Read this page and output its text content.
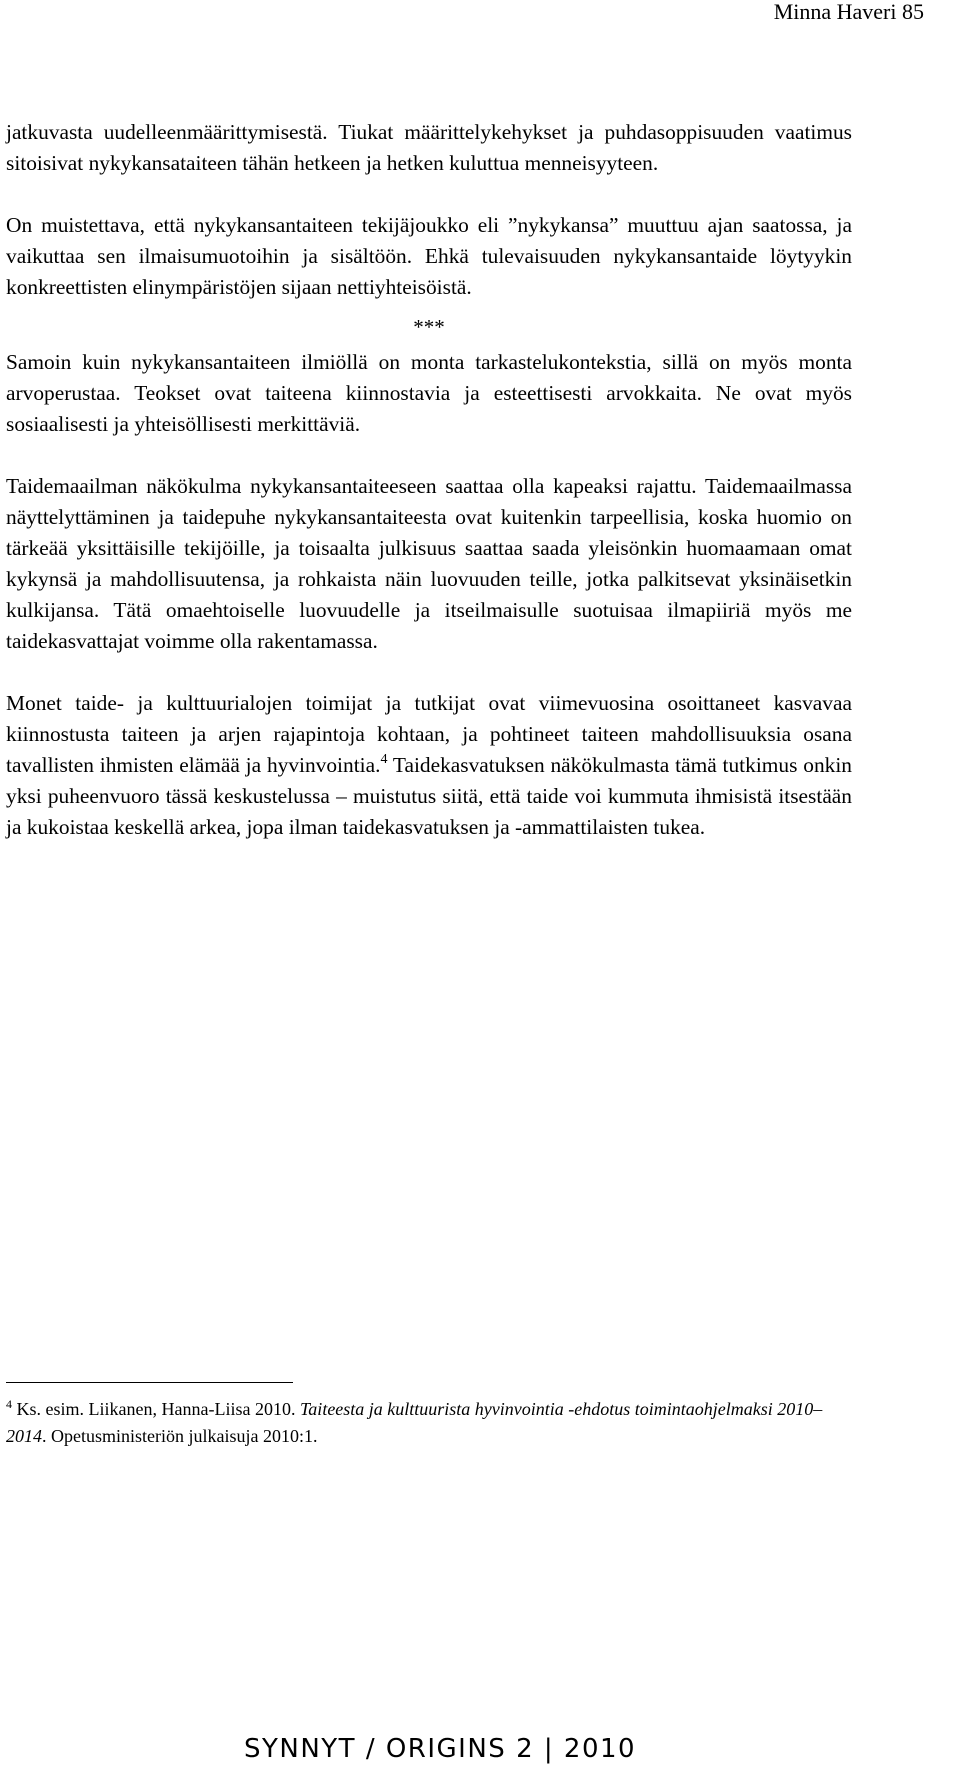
Minna Haveri 85

jatkuvasta uudelleenmäärittymisestä. Tiukat määrittelykehykset ja puhdasoppisuuden vaatimus sitoisivat nykykansataiteen tähän hetkeen ja hetken kuluttua menneisyyteen.

On muistettava, että nykykansantaiteen tekijäjoukko eli ”nykykansa” muuttuu ajan saatossa, ja vaikuttaa sen ilmaisumuotoihin ja sisältöön. Ehkä tulevaisuuden nykykansantaide löytyykin konkreettisten elinympäristöjen sijaan nettiyhteisöistä.

***

Samoin kuin nykykansantaiteen ilmiöllä on monta tarkastelukontekstia, sillä on myös monta arvoperustaa. Teokset ovat taiteena kiinnostavia ja esteettisesti arvokkaita. Ne ovat myös sosiaalisesti ja yhteisöllisesti merkittäviä.

Taidemaailman näkökulma nykykansantaiteeseen saattaa olla kapeaksi rajattu. Taidemaailmassa näyttelyttäminen ja taidepuhe nykykansantaiteesta ovat kuitenkin tarpeellisia, koska huomio on tärkeää yksittäisille tekijöille, ja toisaalta julkisuus saattaa saada yleisönkin huomaamaan omat kykynsä ja mahdollisuutensa, ja rohkaista näin luovuuden teille, jotka palkitsevat yksinäisetkin kulkijansa. Tätä omaehtoiselle luovuudelle ja itseilmaisulle suotuisaa ilmapiiriä myös me taidekasvattajat voimme olla rakentamassa.

Monet taide- ja kulttuurialojen toimijat ja tutkijat ovat viimevuosina osoittaneet kasvavaa kiinnostusta taiteen ja arjen rajapintoja kohtaan, ja pohtineet taiteen mahdollisuuksia osana tavallisten ihmisten elämää ja hyvinvointia.$^4$ Taidekasvatuksen näkökulmasta tämä tutkimus onkin yksi puheenvuoro tässä keskustelussa – muistutus siitä, että taide voi kummuta ihmisistä itsestään ja kukoistaa keskellä arkea, jopa ilman taidekasvatuksen ja -ammattilaisten tukea.

$^4$ Ks. esim. Liikanen, Hanna-Liisa 2010. Taiteesta ja kulttuurista hyvinvointia -ehdotus toimintaohjelmaksi 2010–2014. Opetusministeriön julkaisuja 2010:1.
SYNNYT / ORIGINS 2 | 2010
